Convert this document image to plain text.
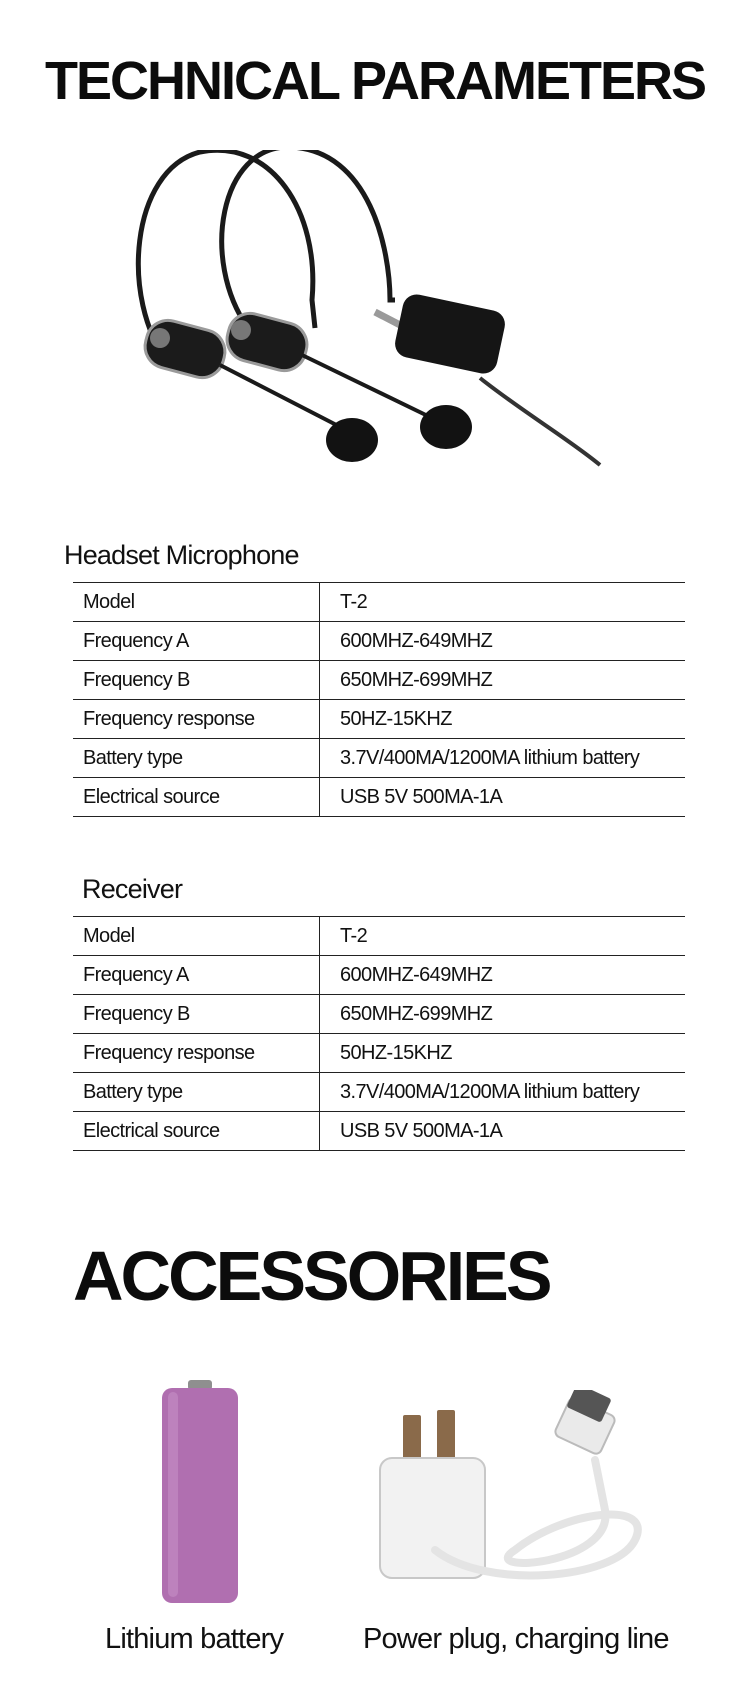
TECHNICAL PARAMETERS
Headset Microphone
Model	T-2
Frequency A	600MHZ-649MHZ
Frequency B	650MHZ-699MHZ
Frequency response	50HZ-15KHZ
Battery type	3.7V/400MA/1200MA lithium battery
Electrical source	USB 5V 500MA-1A
Receiver
Model	T-2
Frequency A	600MHZ-649MHZ
Frequency B	650MHZ-699MHZ
Frequency response	50HZ-15KHZ
Battery type	3.7V/400MA/1200MA lithium battery
Electrical source	USB 5V 500MA-1A
ACCESSORIES

Lithium battery	Power plug, charging line
